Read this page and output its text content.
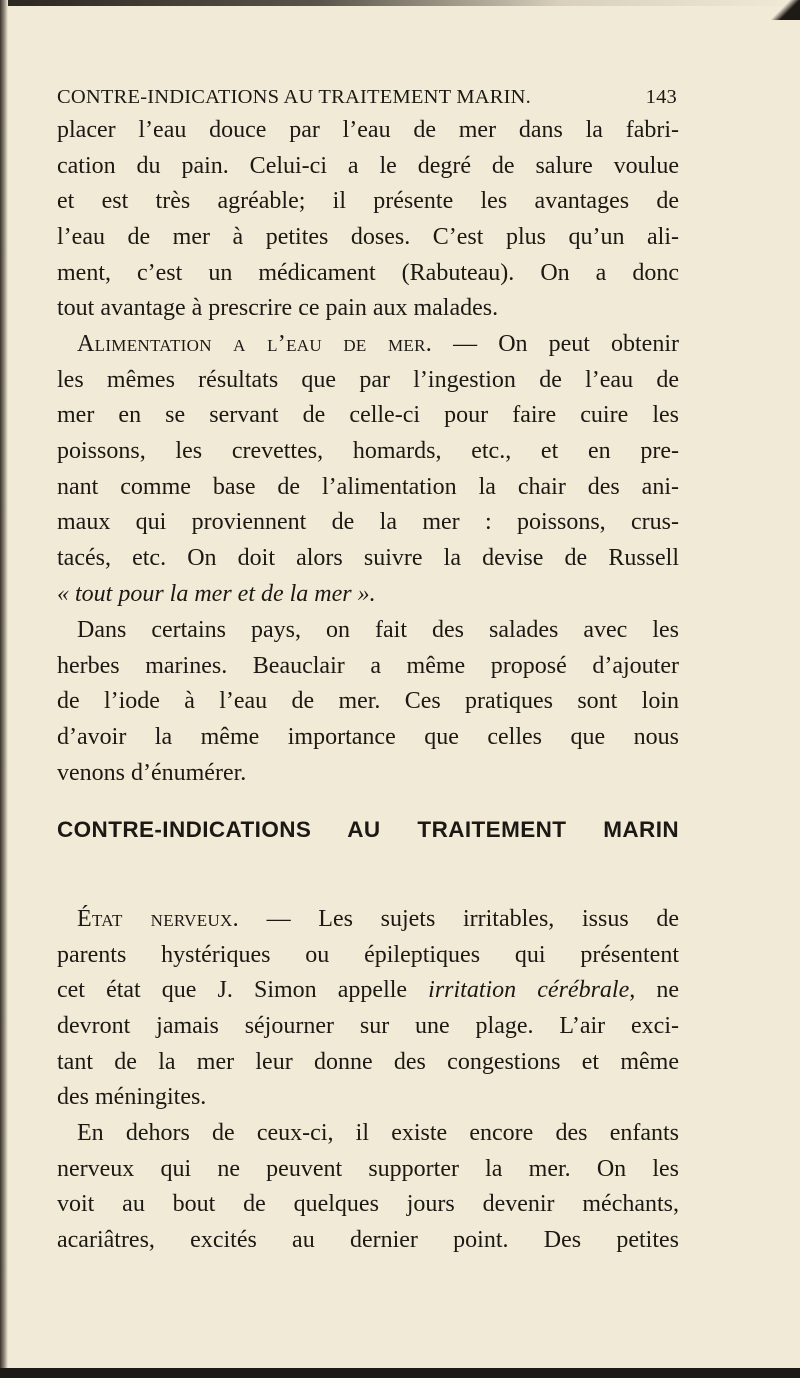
CONTRE-INDICATIONS AU TRAITEMENT MARIN.	143
placer l’eau douce par l’eau de mer dans la fabri-
cation du pain. Celui-ci a le degré de salure voulue
et est très agréable; il présente les avantages de
l’eau de mer à petites doses. C’est plus qu’un ali-
ment, c’est un médicament (Rabuteau). On a donc
tout avantage à prescrire ce pain aux malades.
Alimentation a l’eau de mer. — On peut obtenir
les mêmes résultats que par l’ingestion de l’eau de
mer en se servant de celle-ci pour faire cuire les
poissons, les crevettes, homards, etc., et en pre-
nant comme base de l’alimentation la chair des ani-
maux qui proviennent de la mer : poissons, crus-
tacés, etc. On doit alors suivre la devise de Russell
« tout pour la mer et de la mer ».
Dans certains pays, on fait des salades avec les
herbes marines. Beauclair a même proposé d’ajouter
de l’iode à l’eau de mer. Ces pratiques sont loin
d’avoir la même importance que celles que nous
venons d’énumérer.
CONTRE-INDICATIONS AU TRAITEMENT MARIN
État nerveux. — Les sujets irritables, issus de
parents hystériques ou épileptiques qui présentent
cet état que J. Simon appelle irritation cérébrale, ne
devront jamais séjourner sur une plage. L’air exci-
tant de la mer leur donne des congestions et même
des méningites.
En dehors de ceux-ci, il existe encore des enfants
nerveux qui ne peuvent supporter la mer. On les
voit au bout de quelques jours devenir méchants,
acariâtres, excités au dernier point. Des petites
